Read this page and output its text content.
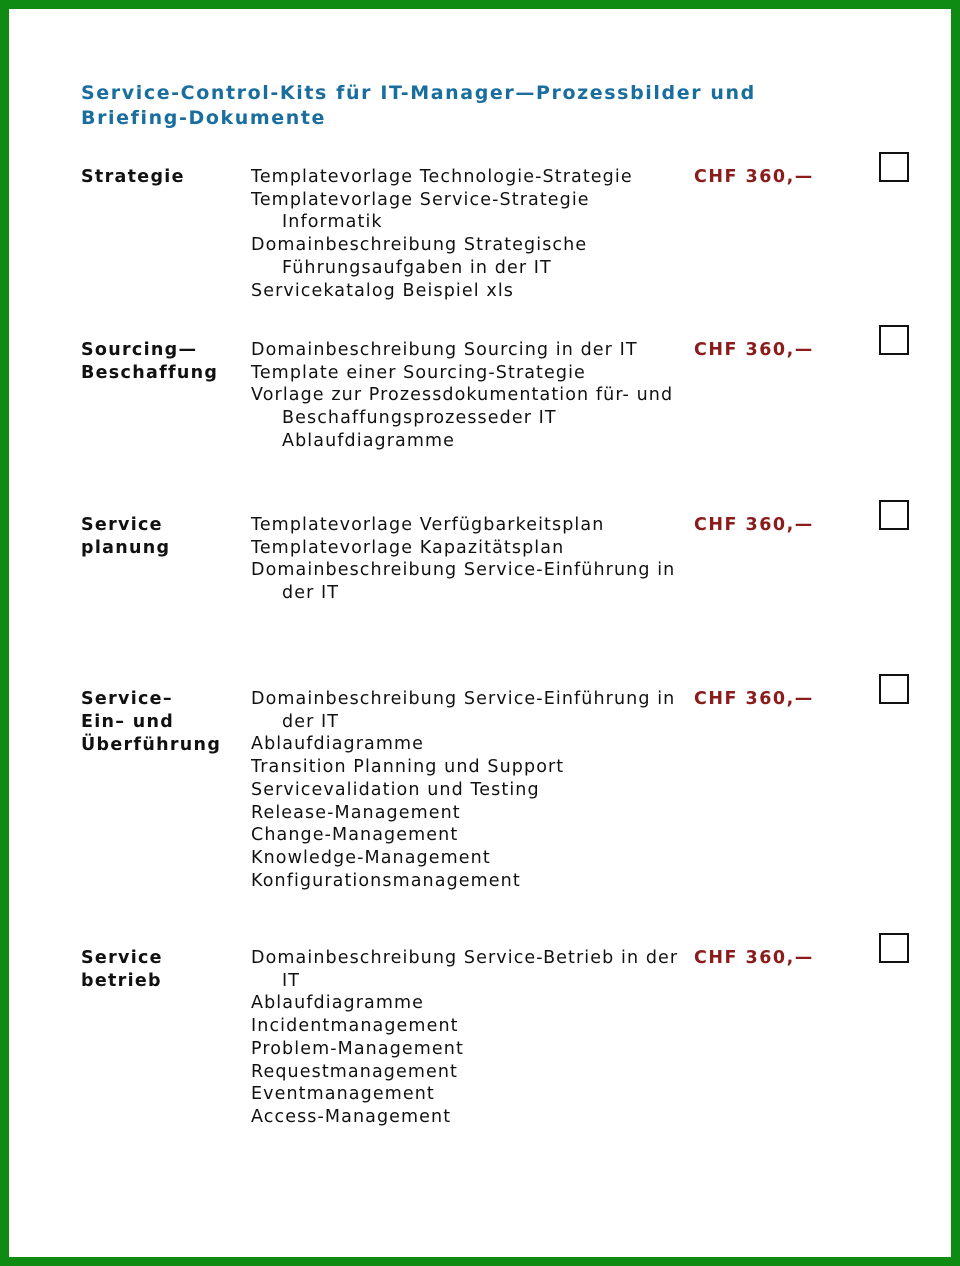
Service-Control-Kits für IT-Manager—Prozessbilder und Briefing-Dokumente
Strategie	Templatevorlage Technologie-Strategie
Templatevorlage Service-Strategie Informatik
Domainbeschreibung Strategische Führungsaufgaben in der IT
Servicekatalog Beispiel xls
CHF 360,—
Sourcing—
Beschaffung
Domainbeschreibung Sourcing in der IT
Template einer Sourcing-Strategie
Vorlage zur Prozessdokumentation für- und Beschaffungsprozesseder IT Ablaufdiagramme
CHF 360,—
Service
planung
Templatevorlage Verfügbarkeitsplan
Templatevorlage Kapazitätsplan
Domainbeschreibung Service-Einführung in der IT
CHF 360,—
Service–
Ein– und
Überführung
Domainbeschreibung Service-Einführung in der IT
Ablaufdiagramme
Transition Planning und Support
Servicevalidation und Testing
Release-Management
Change-Management
Knowledge-Management
Konfigurationsmanagement
CHF 360,—
Service
betrieb
Domainbeschreibung Service-Betrieb in der IT
Ablaufdiagramme
Incidentmanagement
Problem-Management
Requestmanagement
Eventmanagement
Access-Management
CHF 360,—
